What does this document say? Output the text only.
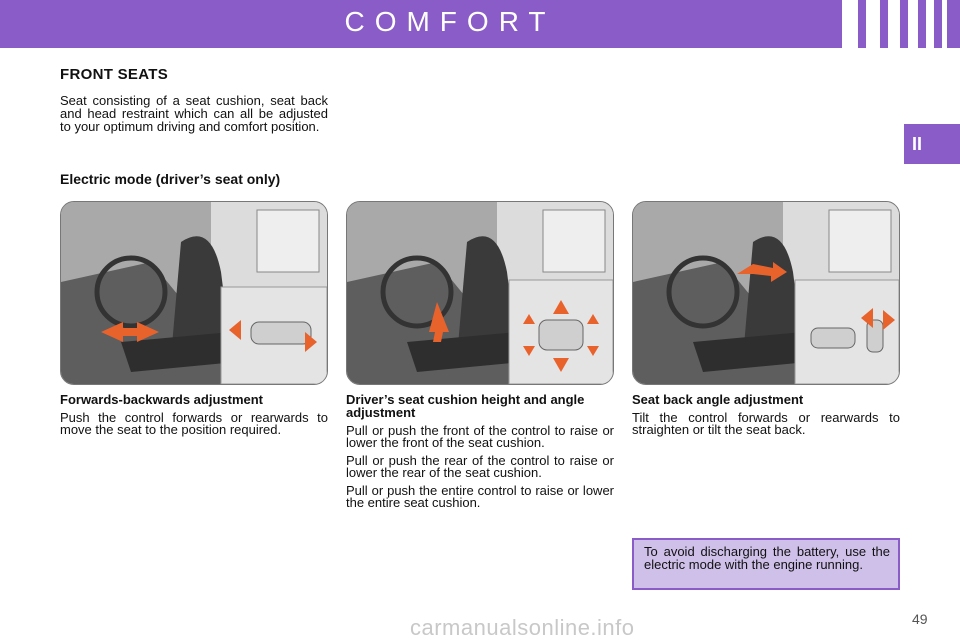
COMFORT
II
FRONT SEATS
Seat consisting of a seat cushion, seat back and head restraint which can all be adjusted to your optimum driving and comfort position.
Electric mode (driver’s seat only)
Forwards-backwards adjustment

Push the control forwards or rearwards to move the seat to the position required.

Driver’s seat cushion height and angle adjustment

Pull or push the front of the control to raise or lower the front of the seat cushion.

Pull or push the rear of the control to raise or lower the rear of the seat cushion.

Pull or push the entire control to raise or lower the entire seat cushion.

Seat back angle adjustment

Tilt the control forwards or rearwards to straighten or tilt the seat back.

To avoid discharging the battery, use the electric mode with the engine running.
49
carmanualsonline.info
